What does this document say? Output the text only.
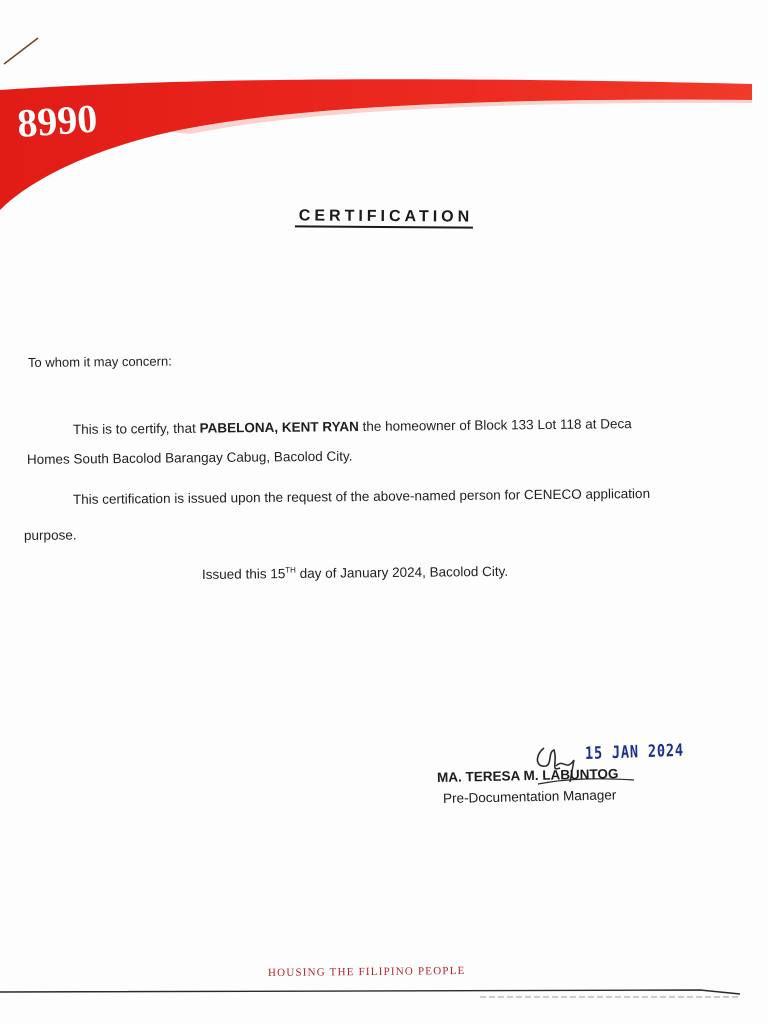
8990
CERTIFICATION
To whom it may concern:
This is to certify, that PABELONA, KENT RYAN the homeowner of Block 133 Lot 118 at Deca
Homes South Bacolod Barangay Cabug, Bacolod City.
This certification is issued upon the request of the above-named person for CENECO application
purpose.
Issued this 15TH day of January 2024, Bacolod City.
15 JAN 2024
MA. TERESA M. LABUNTOG
Pre-Documentation Manager
HOUSING THE FILIPINO PEOPLE
